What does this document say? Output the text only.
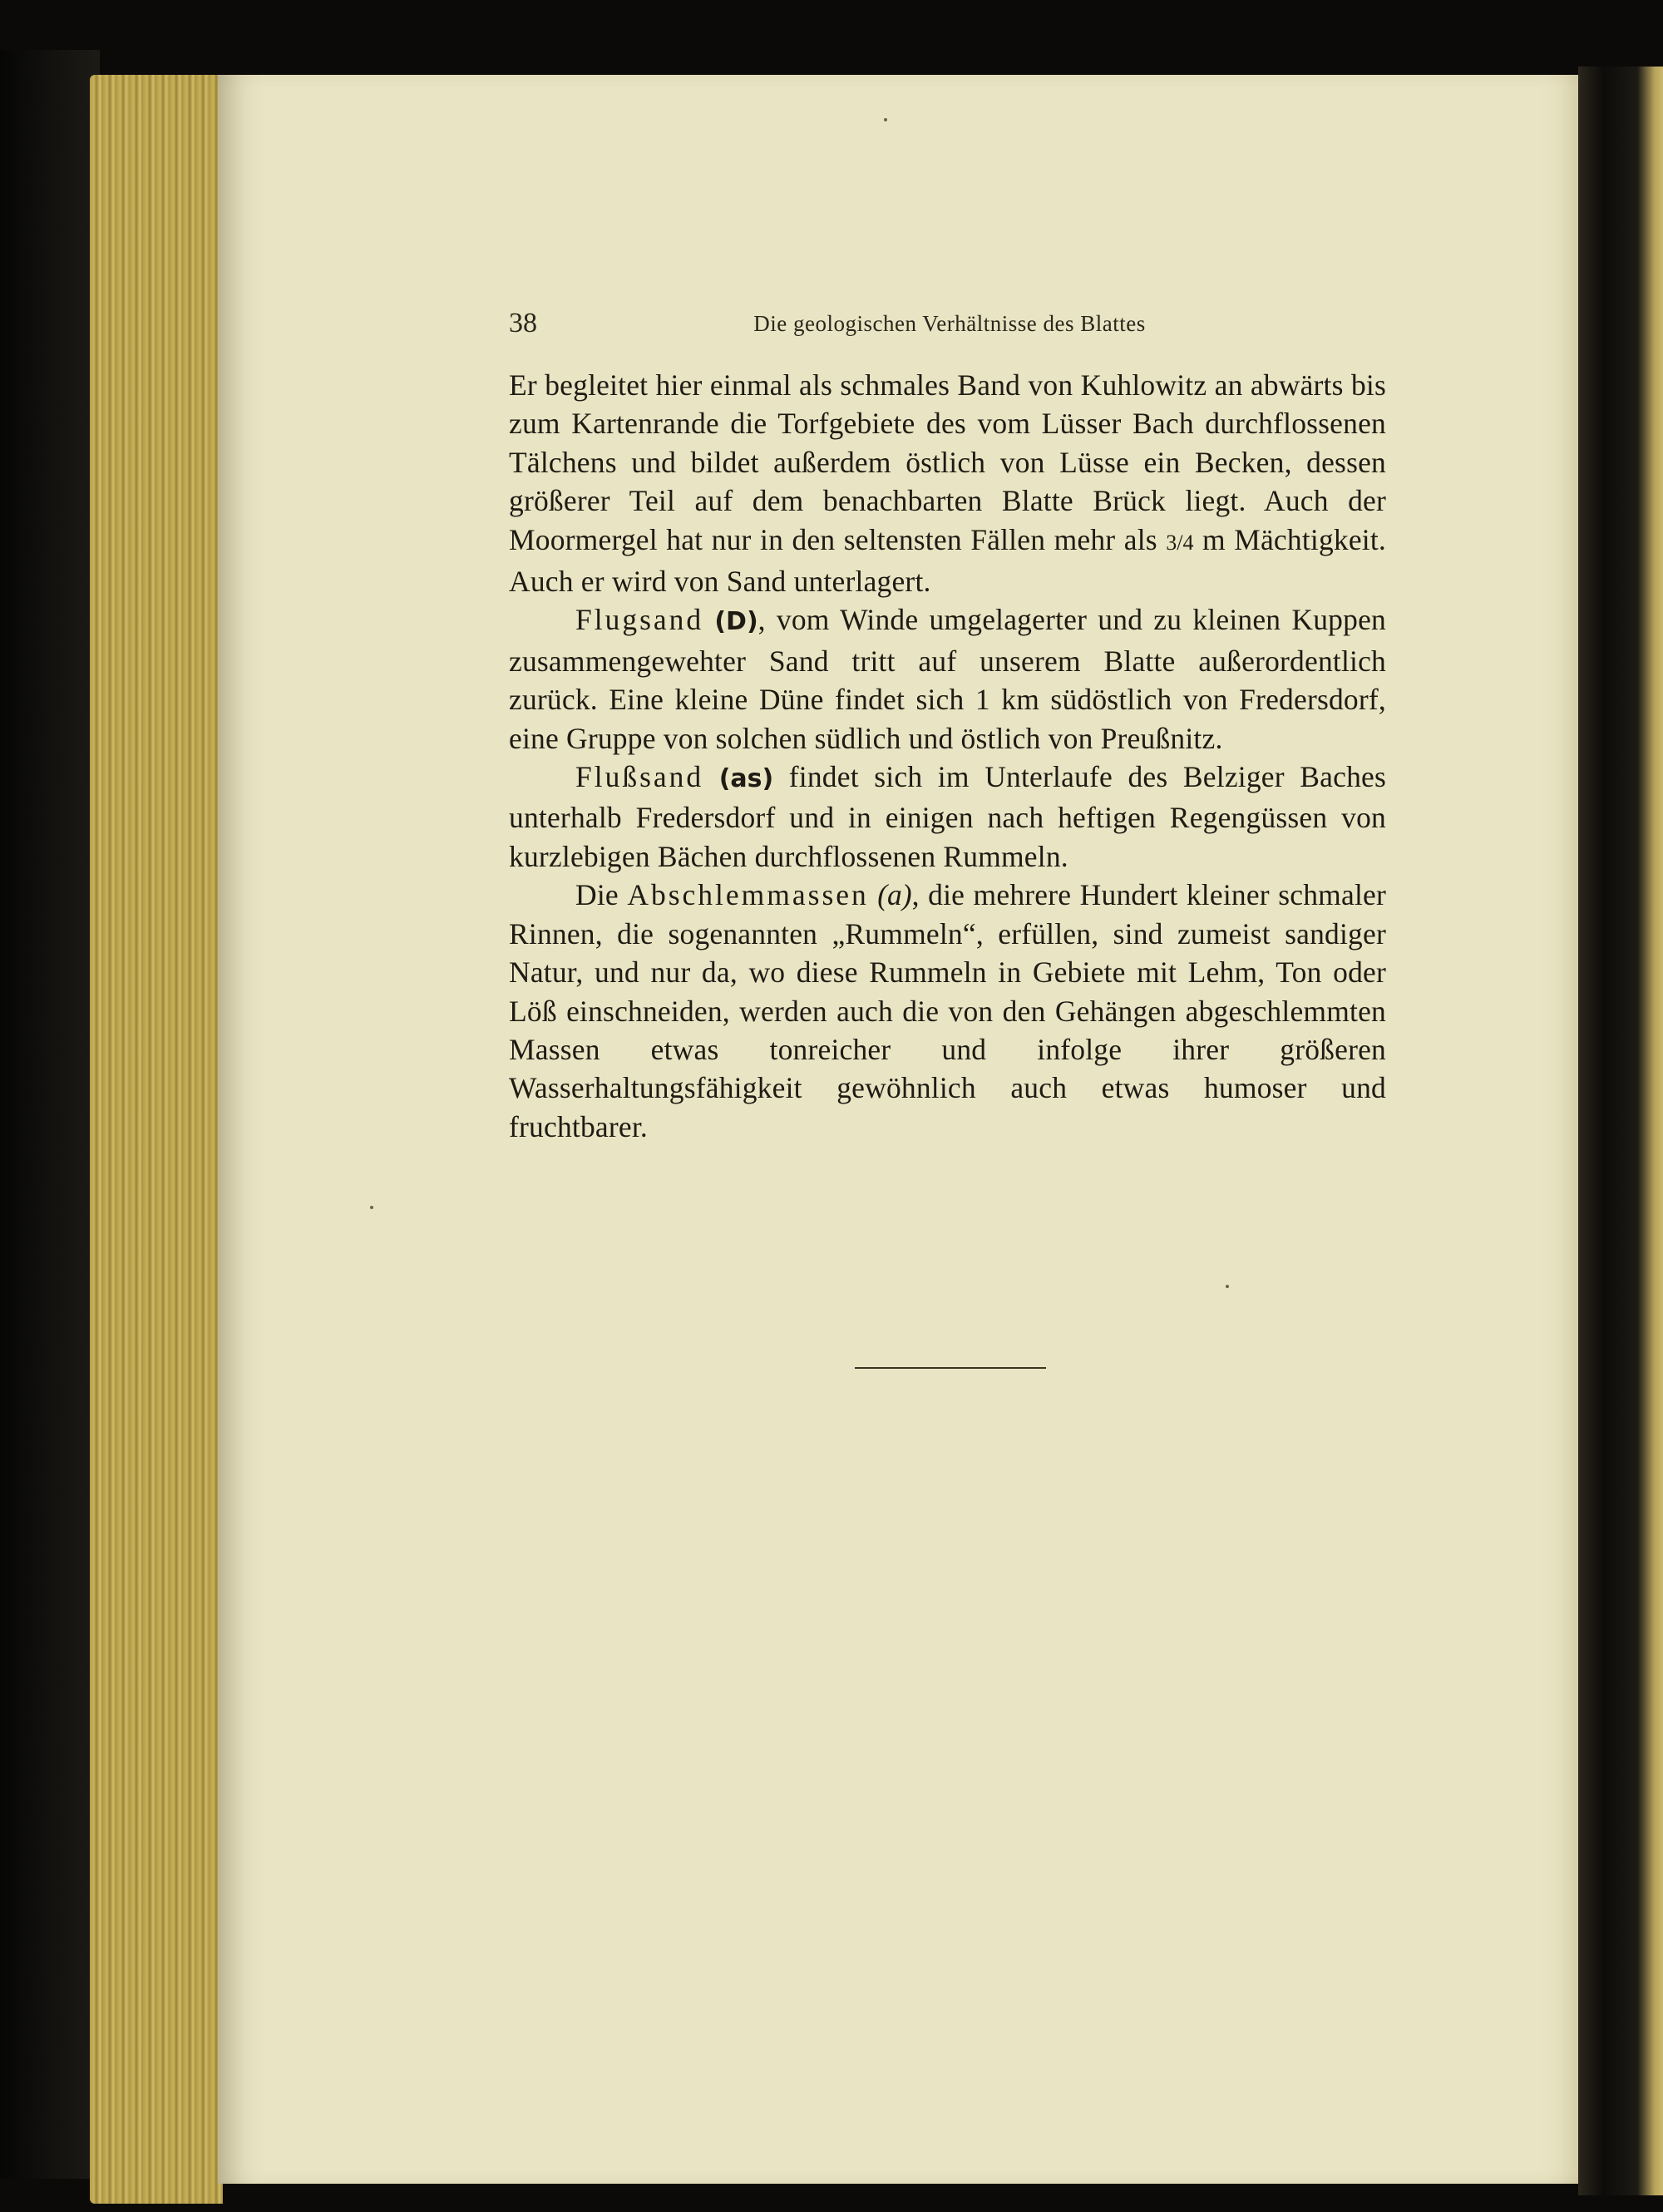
38	Die geologischen Verhältnisse des Blattes

Er begleitet hier einmal als schmales Band von Kuhlowitz an abwärts bis zum Kartenrande die Torfgebiete des vom Lüsser Bach durchflossenen Tälchens und bildet außerdem östlich von Lüsse ein Becken, dessen größerer Teil auf dem benachbarten Blatte Brück liegt. Auch der Moormergel hat nur in den seltensten Fällen mehr als 3/4 m Mächtigkeit. Auch er wird von Sand unterlagert.

Flugsand (D), vom Winde umgelagerter und zu kleinen Kuppen zusammengewehter Sand tritt auf unserem Blatte außerordentlich zurück. Eine kleine Düne findet sich 1 km südöstlich von Fredersdorf, eine Gruppe von solchen südlich und östlich von Preußnitz.

Flußsand (as) findet sich im Unterlaufe des Belziger Baches unterhalb Fredersdorf und in einigen nach heftigen Regengüssen von kurzlebigen Bächen durchflossenen Rummeln.

Die Abschlemmassen (a), die mehrere Hundert kleiner schmaler Rinnen, die sogenannten „Rummeln“, erfüllen, sind zumeist sandiger Natur, und nur da, wo diese Rummeln in Gebiete mit Lehm, Ton oder Löß einschneiden, werden auch die von den Gehängen abgeschlemmten Massen etwas tonreicher und infolge ihrer größeren Wasserhaltungsfähigkeit gewöhnlich auch etwas humoser und fruchtbarer.
